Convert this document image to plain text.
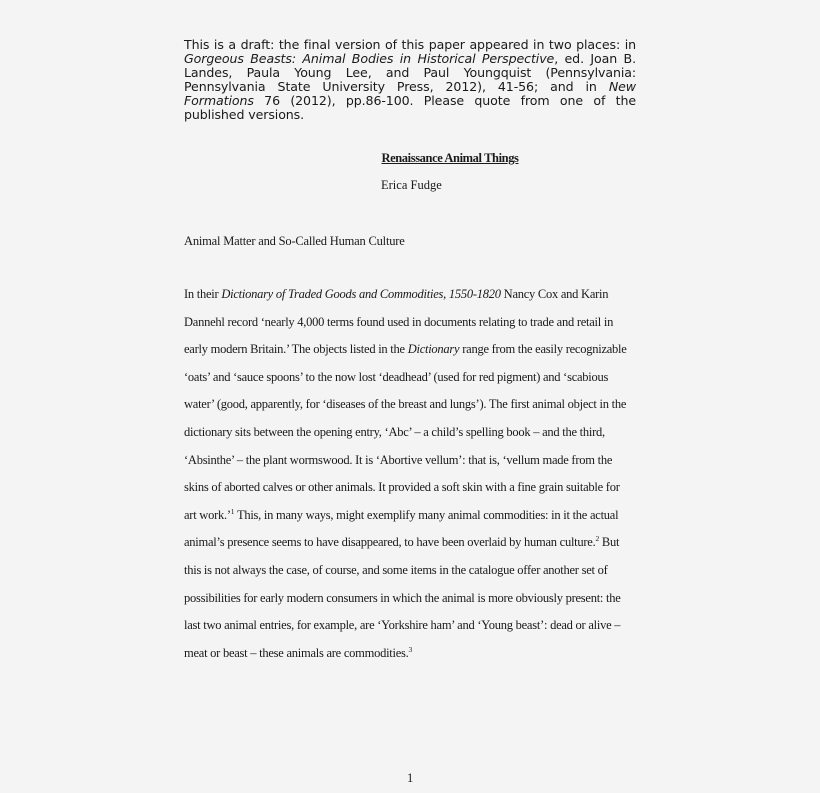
This is a draft: the final version of this paper appeared in two places: in Gorgeous Beasts: Animal Bodies in Historical Perspective, ed. Joan B. Landes, Paula Young Lee, and Paul Youngquist (Pennsylvania: Pennsylvania State University Press, 2012), 41-56; and in New Formations 76 (2012), pp.86-100. Please quote from one of the published versions.
Renaissance Animal Things
Erica Fudge
Animal Matter and So-Called Human Culture
In their Dictionary of Traded Goods and Commodities, 1550-1820 Nancy Cox and Karin
Dannehl record ‘nearly 4,000 terms found used in documents relating to trade and retail in
early modern Britain.’ The objects listed in the Dictionary range from the easily recognizable
‘oats’ and ‘sauce spoons’ to the now lost ‘deadhead’ (used for red pigment) and ‘scabious
water’ (good, apparently, for ‘diseases of the breast and lungs’). The first animal object in the
dictionary sits between the opening entry, ‘Abc’ – a child’s spelling book – and the third,
‘Absinthe’ – the plant wormswood. It is ‘Abortive vellum’: that is, ‘vellum made from the
skins of aborted calves or other animals. It provided a soft skin with a fine grain suitable for
art work.’$^1$ This, in many ways, might exemplify many animal commodities: in it the actual
animal’s presence seems to have disappeared, to have been overlaid by human culture.$^2$ But
this is not always the case, of course, and some items in the catalogue offer another set of
possibilities for early modern consumers in which the animal is more obviously present: the
last two animal entries, for example, are ‘Yorkshire ham’ and ‘Young beast’: dead or alive –
meat or beast – these animals are commodities.$^3$
1
